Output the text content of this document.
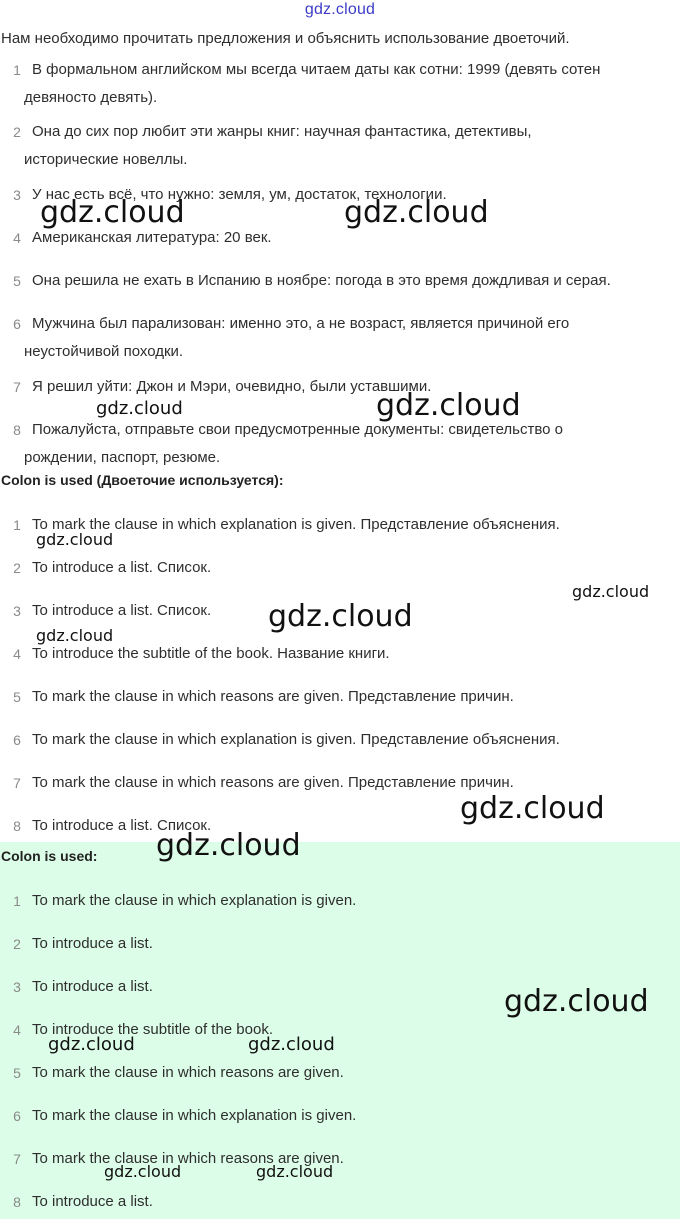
gdz.cloud
Нам необходимо прочитать предложения и объяснить использование двоеточий.
1 В формальном английском мы всегда читаем даты как сотни: 1999 (девять сотен
девяносто девять).
2 Она до сих пор любит эти жанры книг: научная фантастика, детективы,
исторические новеллы.
3 У нас есть всё, что нужно: земля, ум, достаток, технологии.
4 Американская литература: 20 век.
5 Она решила не ехать в Испанию в ноябре: погода в это время дождливая и серая.
6 Мужчина был парализован: именно это, а не возраст, является причиной его
неустойчивой походки.
7 Я решил уйти: Джон и Мэри, очевидно, были уставшими.
8 Пожалуйста, отправьте свои предусмотренные документы: свидетельство о
рождении, паспорт, резюме.
Colon is used (Двоеточие используется):
1 To mark the clause in which explanation is given. Представление объяснения.
2 To introduce a list. Список.
3 To introduce a list. Список.
4 To introduce the subtitle of the book. Название книги.
5 To mark the clause in which reasons are given. Представление причин.
6 To mark the clause in which explanation is given. Представление объяснения.
7 To mark the clause in which reasons are given. Представление причин.
8 To introduce a list. Список.
Colon is used:
1 To mark the clause in which explanation is given.
2 To introduce a list.
3 To introduce a list.
4 To introduce the subtitle of the book.
5 To mark the clause in which reasons are given.
6 To mark the clause in which explanation is given.
7 To mark the clause in which reasons are given.
8 To introduce a list.
gdz.cloud	gdz.cloud
gdz.cloud	gdz.cloud
gdz.cloud
gdz.cloud
gdz.cloud
gdz.cloud
gdz.cloud
gdz.cloud
gdz.cloud
gdz.cloud	gdz.cloud
gdz.cloud	gdz.cloud
